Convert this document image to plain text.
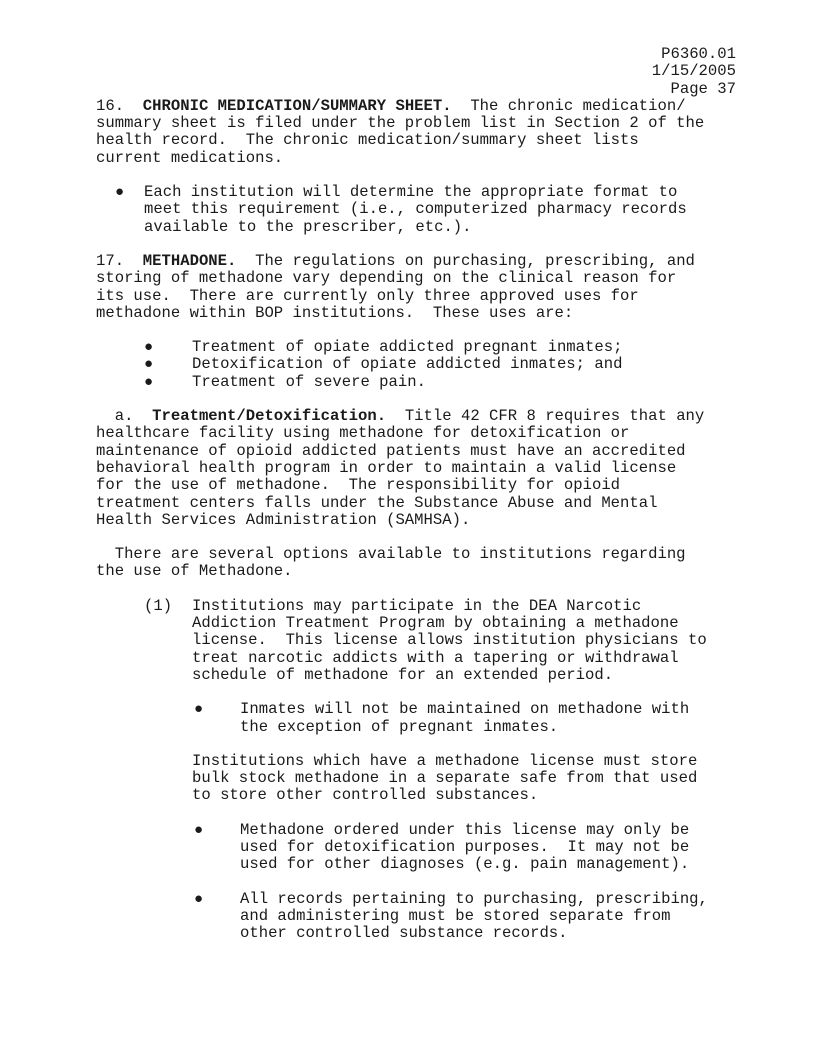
P6360.01
1/15/2005
Page 37
16. CHRONIC MEDICATION/SUMMARY SHEET. The chronic medication/
summary sheet is filed under the problem list in Section 2 of the
health record.  The chronic medication/summary sheet lists
current medications.
● Each institution will determine the appropriate format to
meet this requirement (i.e., computerized pharmacy records
available to the prescriber, etc.).
17. METHADONE. The regulations on purchasing, prescribing, and
storing of methadone vary depending on the clinical reason for
its use.  There are currently only three approved uses for
methadone within BOP institutions.  These uses are:
● Treatment of opiate addicted pregnant inmates;
● Detoxification of opiate addicted inmates; and
● Treatment of severe pain.
a. Treatment/Detoxification. Title 42 CFR 8 requires that any
healthcare facility using methadone for detoxification or
maintenance of opioid addicted patients must have an accredited
behavioral health program in order to maintain a valid license
for the use of methadone.  The responsibility for opioid
treatment centers falls under the Substance Abuse and Mental
Health Services Administration (SAMHSA).
There are several options available to institutions regarding
the use of Methadone.
(1) Institutions may participate in the DEA Narcotic
Addiction Treatment Program by obtaining a methadone
license.  This license allows institution physicians to
treat narcotic addicts with a tapering or withdrawal
schedule of methadone for an extended period.
● Inmates will not be maintained on methadone with
the exception of pregnant inmates.
Institutions which have a methadone license must store
bulk stock methadone in a separate safe from that used
to store other controlled substances.
● Methadone ordered under this license may only be
used for detoxification purposes.  It may not be
used for other diagnoses (e.g. pain management).
● All records pertaining to purchasing, prescribing,
and administering must be stored separate from
other controlled substance records.
